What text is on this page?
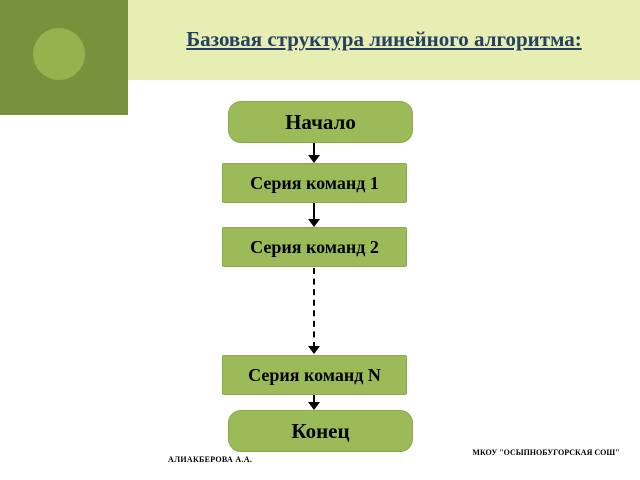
Базовая структура линейного алгоритма:
Начало
Серия команд 1
Серия команд 2
Серия команд N
Конец
АЛИАКБЕРОВА А.А.
МКОУ "ОСЫПНОБУГОРСКАЯ СОШ"
